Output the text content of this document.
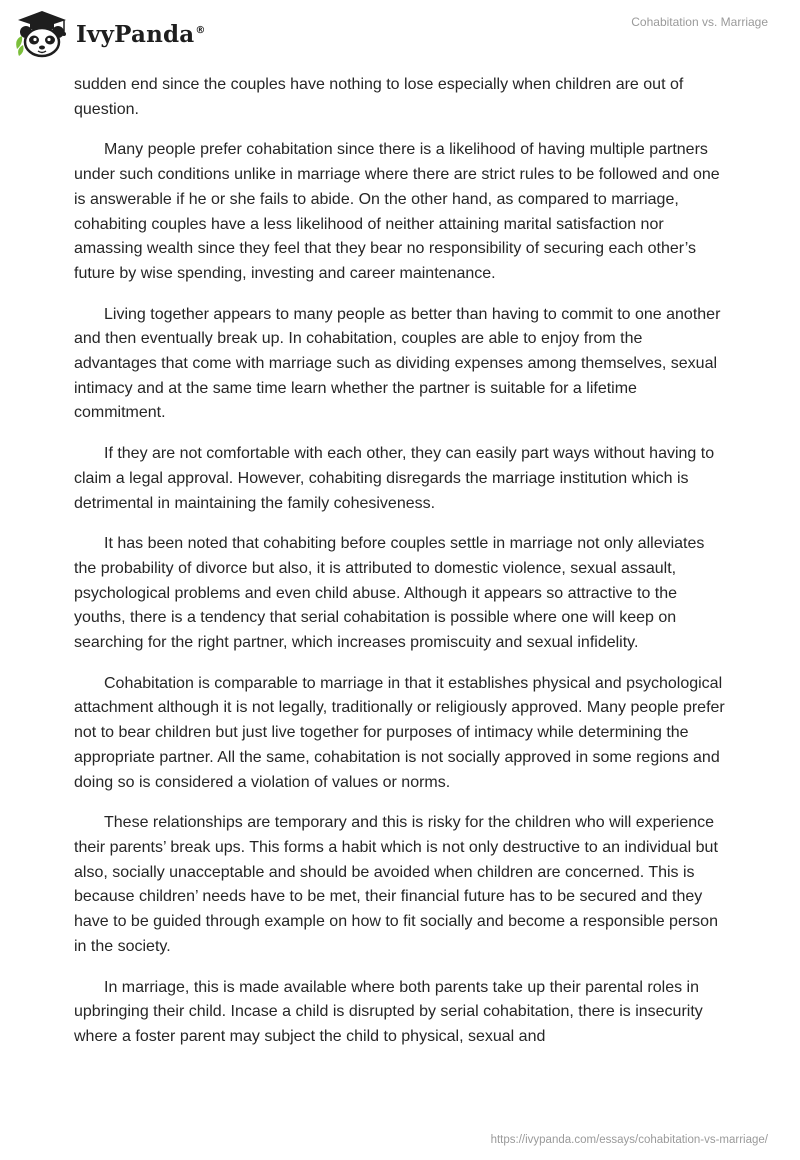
IvyPanda®
Cohabitation vs. Marriage

sudden end since the couples have nothing to lose especially when children are out of question.

Many people prefer cohabitation since there is a likelihood of having multiple partners under such conditions unlike in marriage where there are strict rules to be followed and one is answerable if he or she fails to abide. On the other hand, as compared to marriage, cohabiting couples have a less likelihood of neither attaining marital satisfaction nor amassing wealth since they feel that they bear no responsibility of securing each other’s future by wise spending, investing and career maintenance.

Living together appears to many people as better than having to commit to one another and then eventually break up. In cohabitation, couples are able to enjoy from the advantages that come with marriage such as dividing expenses among themselves, sexual intimacy and at the same time learn whether the partner is suitable for a lifetime commitment.

If they are not comfortable with each other, they can easily part ways without having to claim a legal approval. However, cohabiting disregards the marriage institution which is detrimental in maintaining the family cohesiveness.

It has been noted that cohabiting before couples settle in marriage not only alleviates the probability of divorce but also, it is attributed to domestic violence, sexual assault, psychological problems and even child abuse. Although it appears so attractive to the youths, there is a tendency that serial cohabitation is possible where one will keep on searching for the right partner, which increases promiscuity and sexual infidelity.

Cohabitation is comparable to marriage in that it establishes physical and psychological attachment although it is not legally, traditionally or religiously approved. Many people prefer not to bear children but just live together for purposes of intimacy while determining the appropriate partner. All the same, cohabitation is not socially approved in some regions and doing so is considered a violation of values or norms.

These relationships are temporary and this is risky for the children who will experience their parents’ break ups. This forms a habit which is not only destructive to an individual but also, socially unacceptable and should be avoided when children are concerned. This is because children’ needs have to be met, their financial future has to be secured and they have to be guided through example on how to fit socially and become a responsible person in the society.

In marriage, this is made available where both parents take up their parental roles in upbringing their child. Incase a child is disrupted by serial cohabitation, there is insecurity where a foster parent may subject the child to physical, sexual and

https://ivypanda.com/essays/cohabitation-vs-marriage/
